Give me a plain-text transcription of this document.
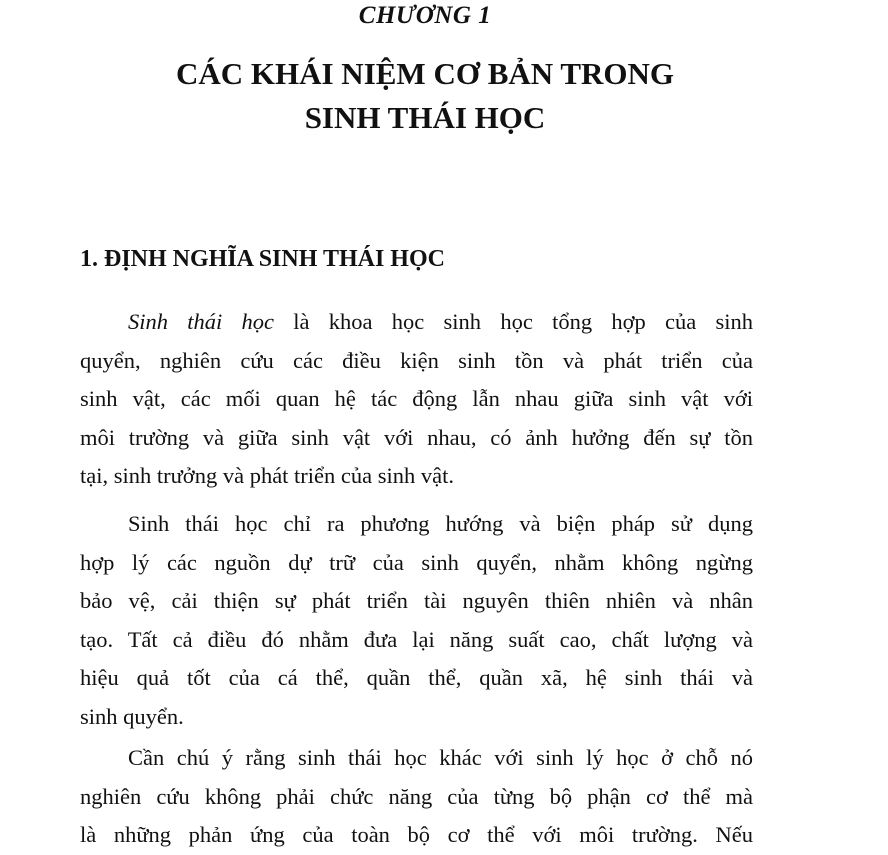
CHƯƠNG 1
CÁC KHÁI NIỆM CƠ BẢN TRONG
SINH THÁI HỌC
1. ĐỊNH NGHĨA SINH THÁI HỌC
Sinh thái học là khoa học sinh học tổng hợp của sinh
quyển, nghiên cứu các điều kiện sinh tồn và phát triển của
sinh vật, các mối quan hệ tác động lẫn nhau giữa sinh vật với
môi trường và giữa sinh vật với nhau, có ảnh hưởng đến sự tồn
tại, sinh trưởng và phát triển của sinh vật.
Sinh thái học chỉ ra phương hướng và biện pháp sử dụng
hợp lý các nguồn dự trữ của sinh quyển, nhằm không ngừng
bảo vệ, cải thiện sự phát triển tài nguyên thiên nhiên và nhân
tạo. Tất cả điều đó nhằm đưa lại năng suất cao, chất lượng và
hiệu quả tốt của cá thể, quần thể, quần xã, hệ sinh thái và
sinh quyển.
Cần chú ý rằng sinh thái học khác với sinh lý học ở chỗ nó
nghiên cứu không phải chức năng của từng bộ phận cơ thể mà
là những phản ứng của toàn bộ cơ thể với môi trường. Nếu
